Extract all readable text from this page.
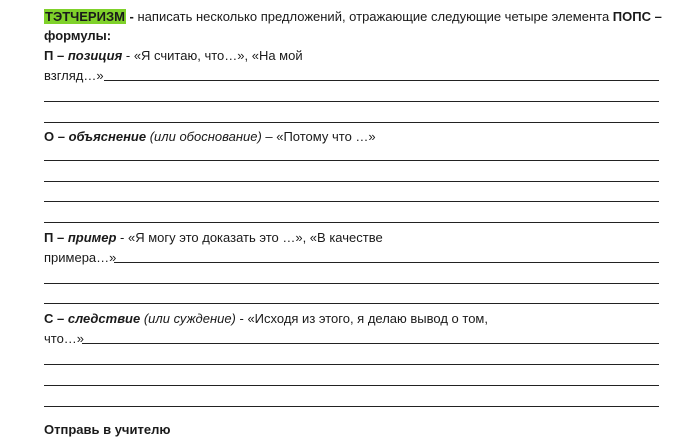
ТЭТЧЕРИЗМ - написать несколько предложений, отражающие следующие четыре элемента ПОПС –
формулы:
П – позиция - «Я считаю, что…», «На мой
взгляд…»
О – объяснение (или обоснование) – «Потому что …»
П – пример - «Я могу это доказать это …», «В качестве
примера…»
С – следствие (или суждение) - «Исходя из этого, я делаю вывод о том,
что…»
Отправь в учителю
